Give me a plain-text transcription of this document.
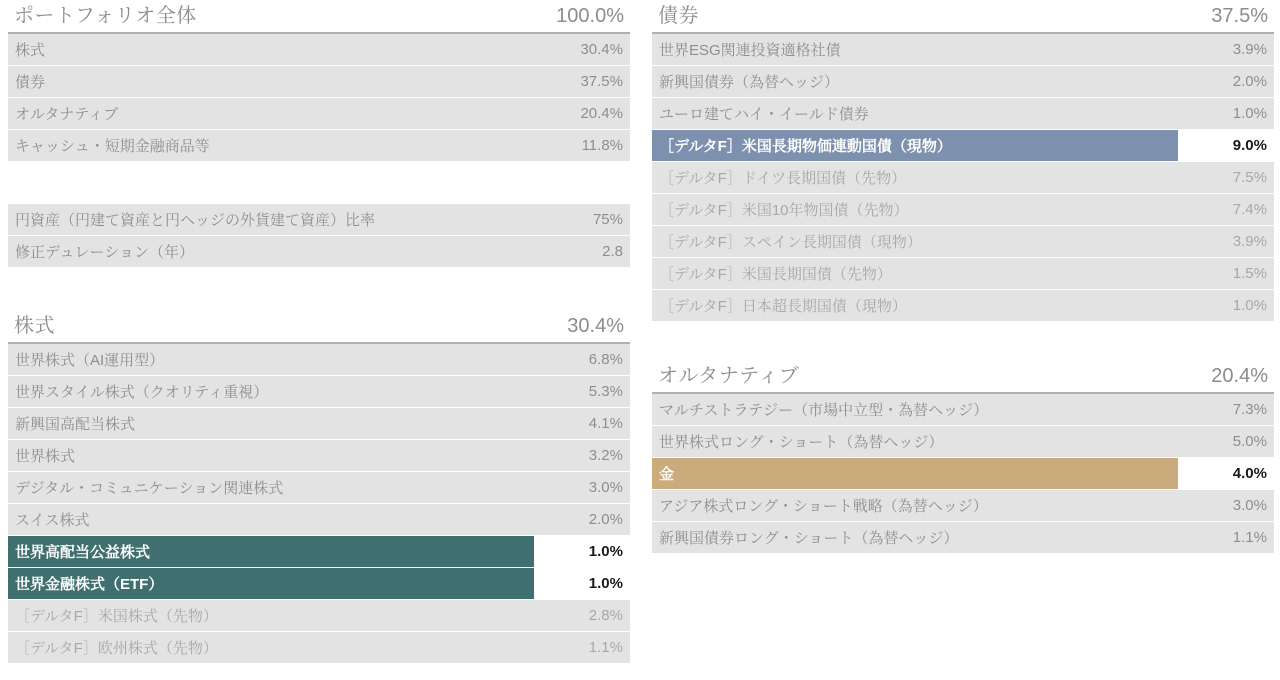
ポートフォリオ全体	100.0%
株式	30.4%
債券	37.5%
オルタナティブ	20.4%
キャッシュ・短期金融商品等	11.8%
円資産（円建て資産と円ヘッジの外貨建て資産）比率	75%
修正デュレーション（年）	2.8
株式	30.4%
世界株式（AI運用型）	6.8%
世界スタイル株式（クオリティ重視）	5.3%
新興国高配当株式	4.1%
世界株式	3.2%
デジタル・コミュニケーション関連株式	3.0%
スイス株式	2.0%
世界高配当公益株式	1.0%
世界金融株式（ETF）	1.0%
［デルタF］米国株式（先物）	2.8%
［デルタF］欧州株式（先物）	1.1%
債券	37.5%
世界ESG関連投資適格社債	3.9%
新興国債券（為替ヘッジ）	2.0%
ユーロ建てハイ・イールド債券	1.0%
［デルタF］米国長期物価連動国債（現物）	9.0%
［デルタF］ドイツ長期国債（先物）	7.5%
［デルタF］米国10年物国債（先物）	7.4%
［デルタF］スペイン長期国債（現物）	3.9%
［デルタF］米国長期国債（先物）	1.5%
［デルタF］日本超長期国債（現物）	1.0%
オルタナティブ	20.4%
マルチストラテジー（市場中立型・為替ヘッジ）	7.3%
世界株式ロング・ショート（為替ヘッジ）	5.0%
金	4.0%
アジア株式ロング・ショート戦略（為替ヘッジ）	3.0%
新興国債券ロング・ショート（為替ヘッジ）	1.1%
